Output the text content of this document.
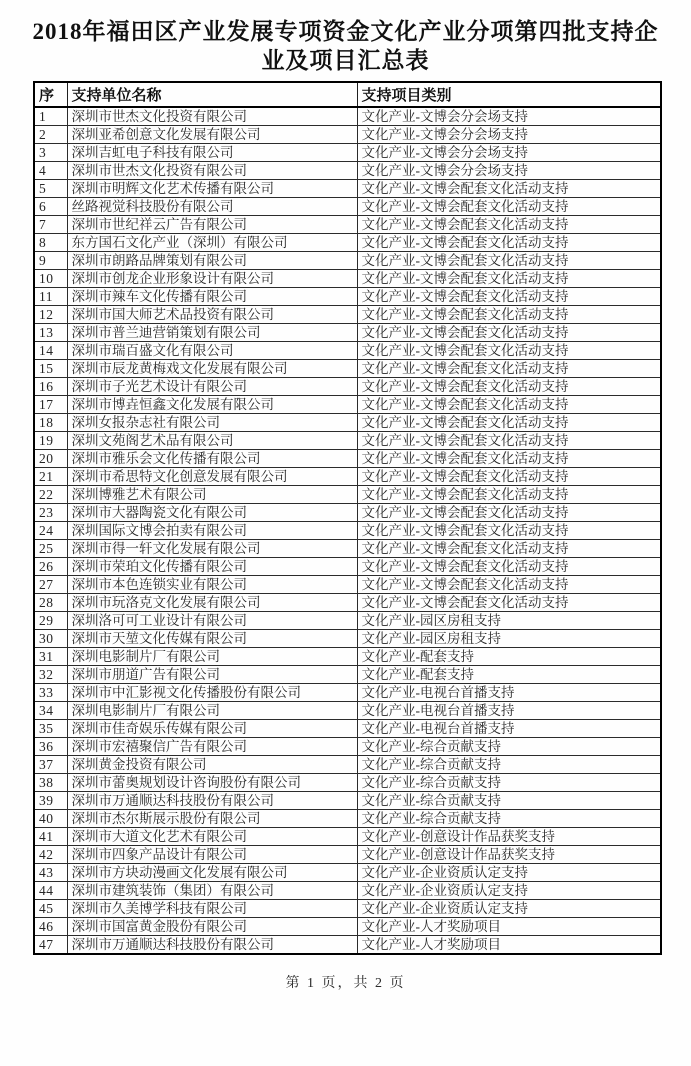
2018年福田区产业发展专项资金文化产业分项第四批支持企业及项目汇总表
序	支持单位名称	支持项目类别
1	深圳市世杰文化投资有限公司	文化产业-文博会分会场支持
2	深圳亚希创意文化发展有限公司	文化产业-文博会分会场支持
3	深圳吉虹电子科技有限公司	文化产业-文博会分会场支持
4	深圳市世杰文化投资有限公司	文化产业-文博会分会场支持
5	深圳市明辉文化艺术传播有限公司	文化产业-文博会配套文化活动支持
6	丝路视觉科技股份有限公司	文化产业-文博会配套文化活动支持
7	深圳市世纪祥云广告有限公司	文化产业-文博会配套文化活动支持
8	东方国石文化产业（深圳）有限公司	文化产业-文博会配套文化活动支持
9	深圳市朗路品牌策划有限公司	文化产业-文博会配套文化活动支持
10	深圳市创龙企业形象设计有限公司	文化产业-文博会配套文化活动支持
11	深圳市辣车文化传播有限公司	文化产业-文博会配套文化活动支持
12	深圳市国大师艺术品投资有限公司	文化产业-文博会配套文化活动支持
13	深圳市普兰迪营销策划有限公司	文化产业-文博会配套文化活动支持
14	深圳市瑞百盛文化有限公司	文化产业-文博会配套文化活动支持
15	深圳市辰龙黄梅戏文化发展有限公司	文化产业-文博会配套文化活动支持
16	深圳市子光艺术设计有限公司	文化产业-文博会配套文化活动支持
17	深圳市博垚恒鑫文化发展有限公司	文化产业-文博会配套文化活动支持
18	深圳女报杂志社有限公司	文化产业-文博会配套文化活动支持
19	深圳文苑阁艺术品有限公司	文化产业-文博会配套文化活动支持
20	深圳市雅乐会文化传播有限公司	文化产业-文博会配套文化活动支持
21	深圳市希思特文化创意发展有限公司	文化产业-文博会配套文化活动支持
22	深圳博雅艺术有限公司	文化产业-文博会配套文化活动支持
23	深圳市大器陶瓷文化有限公司	文化产业-文博会配套文化活动支持
24	深圳国际文博会拍卖有限公司	文化产业-文博会配套文化活动支持
25	深圳市得一轩文化发展有限公司	文化产业-文博会配套文化活动支持
26	深圳市荣珀文化传播有限公司	文化产业-文博会配套文化活动支持
27	深圳市本色连锁实业有限公司	文化产业-文博会配套文化活动支持
28	深圳市玩洛克文化发展有限公司	文化产业-文博会配套文化活动支持
29	深圳洛可可工业设计有限公司	文化产业-园区房租支持
30	深圳市天堃文化传媒有限公司	文化产业-园区房租支持
31	深圳电影制片厂有限公司	文化产业-配套支持
32	深圳市朋道广告有限公司	文化产业-配套支持
33	深圳市中汇影视文化传播股份有限公司	文化产业-电视台首播支持
34	深圳电影制片厂有限公司	文化产业-电视台首播支持
35	深圳市佳奇娱乐传媒有限公司	文化产业-电视台首播支持
36	深圳市宏禧聚信广告有限公司	文化产业-综合贡献支持
37	深圳黄金投资有限公司	文化产业-综合贡献支持
38	深圳市蕾奥规划设计咨询股份有限公司	文化产业-综合贡献支持
39	深圳市万通顺达科技股份有限公司	文化产业-综合贡献支持
40	深圳市杰尔斯展示股份有限公司	文化产业-综合贡献支持
41	深圳市大道文化艺术有限公司	文化产业-创意设计作品获奖支持
42	深圳市四象产品设计有限公司	文化产业-创意设计作品获奖支持
43	深圳市方块动漫画文化发展有限公司	文化产业-企业资质认定支持
44	深圳市建筑装饰（集团）有限公司	文化产业-企业资质认定支持
45	深圳市久美博学科技有限公司	文化产业-企业资质认定支持
46	深圳市国富黄金股份有限公司	文化产业-人才奖励项目
47	深圳市万通顺达科技股份有限公司	文化产业-人才奖励项目
第 1 页，共 2 页
